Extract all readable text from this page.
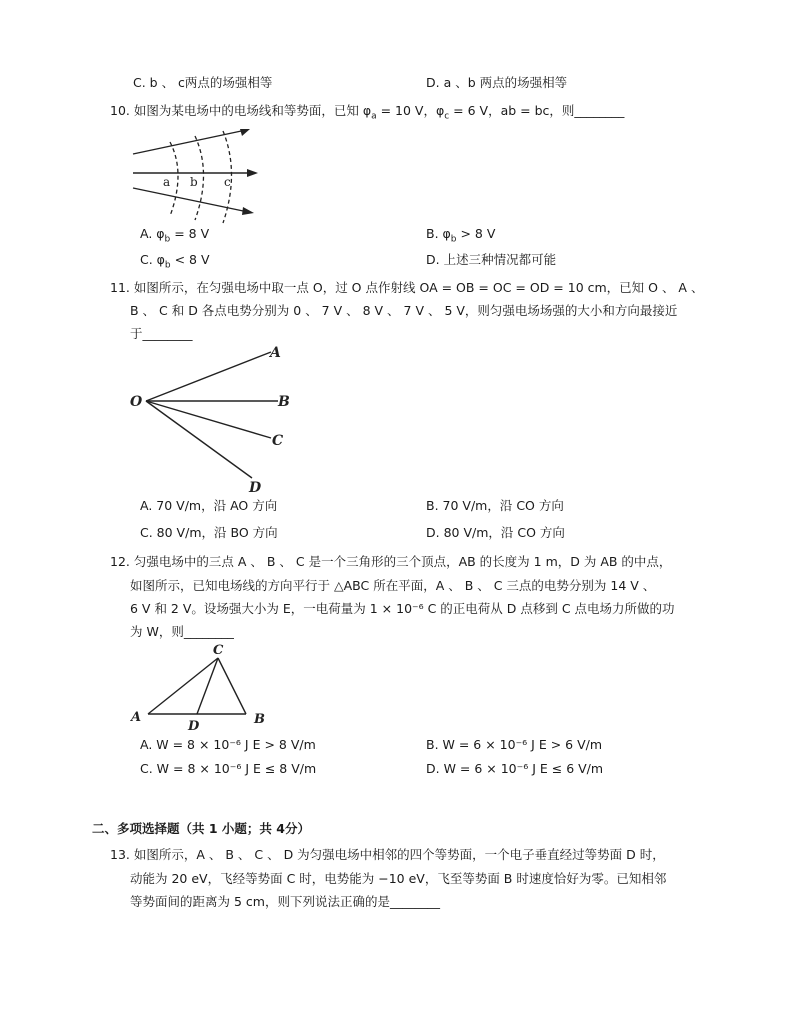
C. b 、 c两点的场强相等	D. a 、b 两点的场强相等
10. 如图为某电场中的电场线和等势面，已知 $\varphi_a = 10$ V，$\varphi_c = 6$ V，ab = bc，则________
a b c
A. $\varphi_b = 8$ V	B. $\varphi_b > 8$ V
C. $\varphi_b < 8$ V	D. 上述三种情况都可能
11. 如图所示，在匀强电场中取一点 O，过 O 点作射线 OA = OB = OC = OD = 10 cm，已知 O 、 A 、
B 、 C 和 D 各点电势分别为 0 、 7 V 、 8 V 、 7 V 、 5 V，则匀强电场场强的大小和方向最接近
于________
O
A
B
C
D
A. 70 V/m，沿 AO 方向	B. 70 V/m，沿 CO 方向
C. 80 V/m，沿 BO 方向	D. 80 V/m，沿 CO 方向
12. 匀强电场中的三点 A 、 B 、 C 是一个三角形的三个顶点，AB 的长度为 1 m，D 为 AB 的中点，
如图所示，已知电场线的方向平行于 △ABC 所在平面，A 、 B 、 C 三点的电势分别为 14 V 、
6 V 和 2 V。设场强大小为 E，一电荷量为 1 × 10⁻⁶ C 的正电荷从 D 点移到 C 点电场力所做的功
为 W，则________
C
A
D	B
A. W = 8 × 10⁻⁶ J E > 8 V/m	B. W = 6 × 10⁻⁶ J E > 6 V/m
C. W = 8 × 10⁻⁶ J E ≤ 8 V/m	D. W = 6 × 10⁻⁶ J E ≤ 6 V/m
二、多项选择题（共 1 小题；共 4分）
13. 如图所示，A 、 B 、 C 、 D 为匀强电场中相邻的四个等势面，一个电子垂直经过等势面 D 时，
动能为 20 eV，飞经等势面 C 时，电势能为 −10 eV，飞至等势面 B 时速度恰好为零。已知相邻
等势面间的距离为 5 cm，则下列说法正确的是________
